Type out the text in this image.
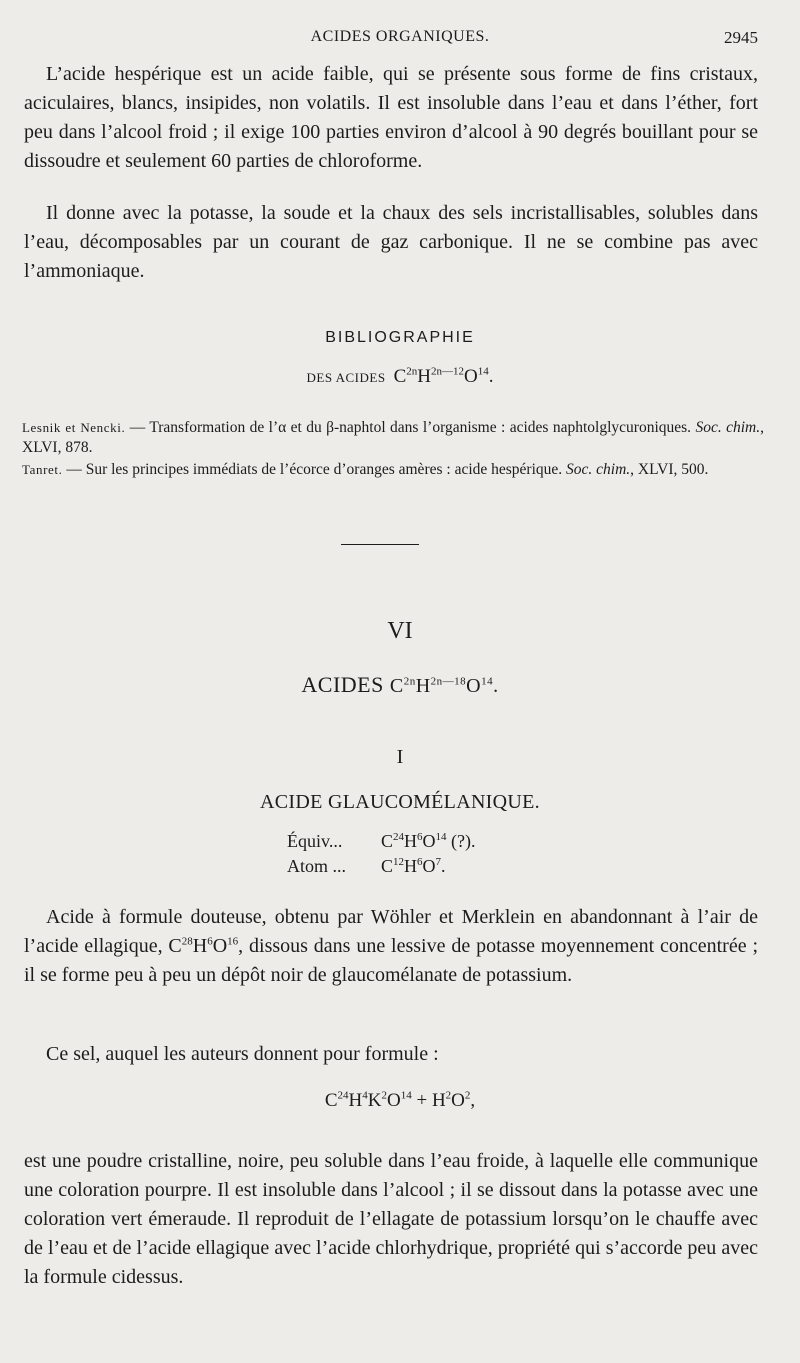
ACIDES ORGANIQUES.	2945

L’acide hespérique est un acide faible, qui se présente sous forme de fins cristaux, aciculaires, blancs, insipides, non volatils. Il est insoluble dans l’eau et dans l’éther, fort peu dans l’alcool froid ; il exige 100 parties environ d’alcool à 90 degrés bouillant pour se dissoudre et seulement 60 parties de chloroforme.

Il donne avec la potasse, la soude et la chaux des sels incristallisables, solubles dans l’eau, décomposables par un courant de gaz carbonique. Il ne se combine pas avec l’ammoniaque.

BIBLIOGRAPHIE
DES ACIDES $C^{2n}H^{2n—12}O^{14}$.
Lesnik et Nencki. — Transformation de l’α et du β-naphtol dans l’organisme : acides naphtolglycuroniques. Soc. chim., XLVI, 878.
Tanret. — Sur les principes immédiats de l’écorce d’oranges amères : acide hespérique. Soc. chim., XLVI, 500.
VI
ACIDES $C^{2n}H^{2n—18}O^{14}$.
I
ACIDE GLAUCOMÉLANIQUE.
Équiv... $C^{24}H^6O^{14}$ (?).
Atom ... $C^{12}H^6O^7$.

Acide à formule douteuse, obtenu par Wöhler et Merklein en abandonnant à l’air de l’acide ellagique, $C^{28}H^6O^{16}$, dissous dans une lessive de potasse moyennement concentrée ; il se forme peu à peu un dépôt noir de glaucomélanate de potassium.

Ce sel, auquel les auteurs donnent pour formule :

$C^{24}H^4K^2O^{14} + H^2O^2$,

est une poudre cristalline, noire, peu soluble dans l’eau froide, à laquelle elle communique une coloration pourpre. Il est insoluble dans l’alcool ; il se dissout dans la potasse avec une coloration vert émeraude. Il reproduit de l’ellagate de potassium lorsqu’on le chauffe avec de l’eau et de l’acide ellagique avec l’acide chlorhydrique, propriété qui s’accorde peu avec la formule cidessus.
